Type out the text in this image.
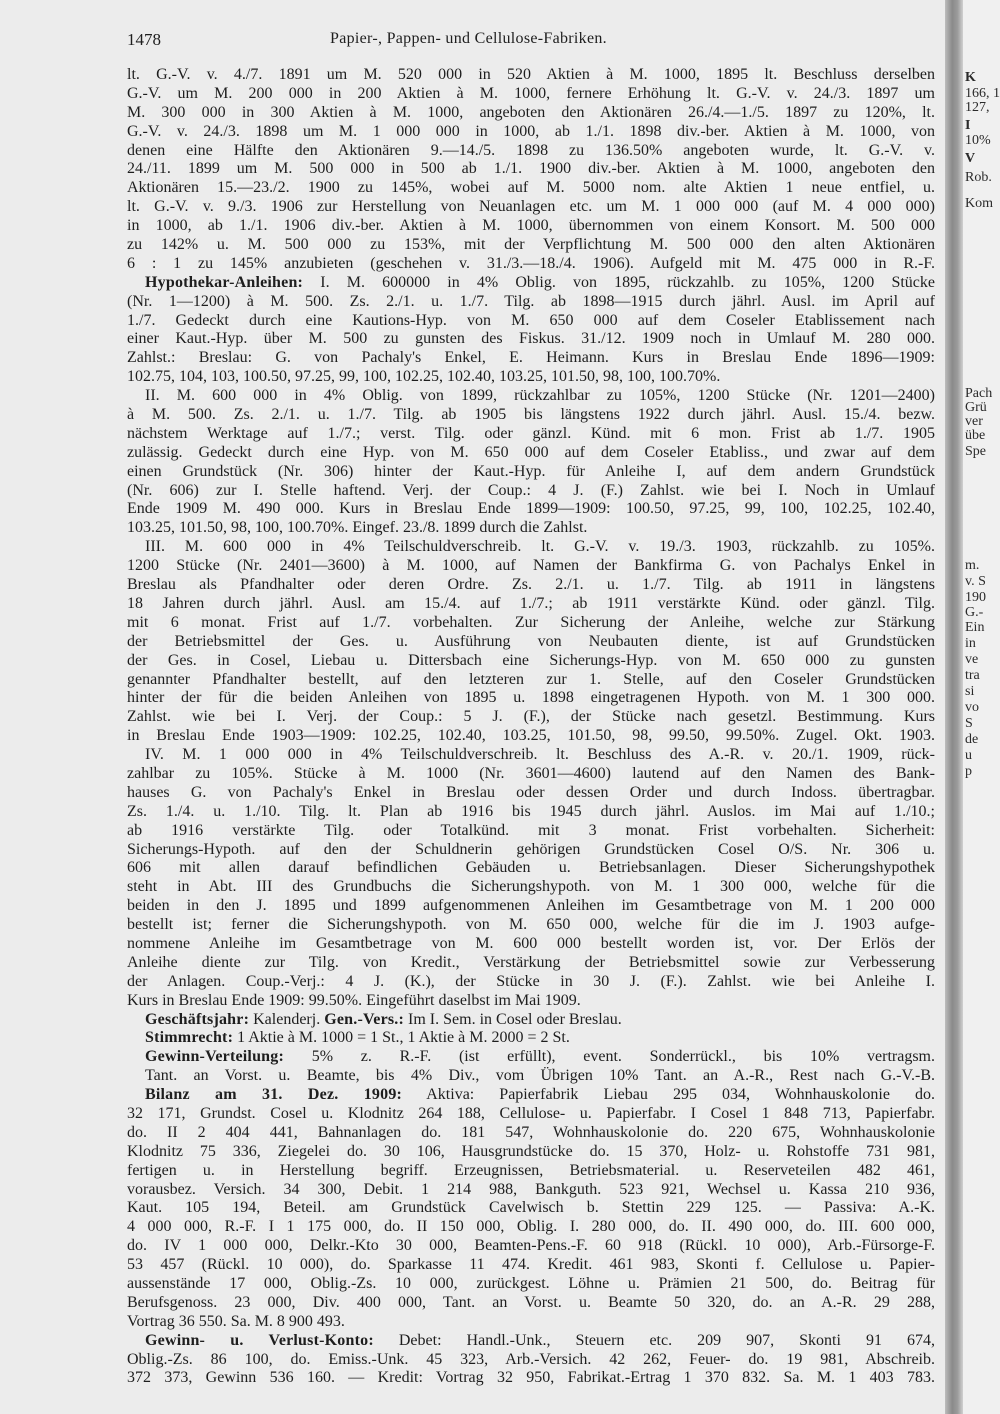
1478	Papier-, Pappen- und Cellulose-Fabriken.
lt. G.-V. v. 4./7. 1891 um M. 520 000 in 520 Aktien à M. 1000, 1895 lt. Beschluss derselben
G.-V. um M. 200 000 in 200 Aktien à M. 1000, fernere Erhöhung lt. G.-V. v. 24./3. 1897 um
M. 300 000 in 300 Aktien à M. 1000, angeboten den Aktionären 26./4.—1./5. 1897 zu 120%, lt.
G.-V. v. 24./3. 1898 um M. 1 000 000 in 1000, ab 1./1. 1898 div.-ber. Aktien à M. 1000, von
denen eine Hälfte den Aktionären 9.—14./5. 1898 zu 136.50% angeboten wurde, lt. G.-V. v.
24./11. 1899 um M. 500 000 in 500 ab 1./1. 1900 div.-ber. Aktien à M. 1000, angeboten den
Aktionären 15.—23./2. 1900 zu 145%, wobei auf M. 5000 nom. alte Aktien 1 neue entfiel, u.
lt. G.-V. v. 9./3. 1906 zur Herstellung von Neuanlagen etc. um M. 1 000 000 (auf M. 4 000 000)
in 1000, ab 1./1. 1906 div.-ber. Aktien à M. 1000, übernommen von einem Konsort. M. 500 000
zu 142% u. M. 500 000 zu 153%, mit der Verpflichtung M. 500 000 den alten Aktionären
6 : 1 zu 145% anzubieten (geschehen v. 31./3.—18./4. 1906). Aufgeld mit M. 475 000 in R.-F.
Hypothekar-Anleihen: I. M. 600000 in 4% Oblig. von 1895, rückzahlb. zu 105%, 1200 Stücke
(Nr. 1—1200) à M. 500. Zs. 2./1. u. 1./7. Tilg. ab 1898—1915 durch jährl. Ausl. im April auf
1./7. Gedeckt durch eine Kautions-Hyp. von M. 650 000 auf dem Coseler Etablissement nach
einer Kaut.-Hyp. über M. 500 zu gunsten des Fiskus. 31./12. 1909 noch in Umlauf M. 280 000.
Zahlst.: Breslau: G. von Pachaly's Enkel, E. Heimann. Kurs in Breslau Ende 1896—1909:
102.75, 104, 103, 100.50, 97.25, 99, 100, 102.25, 102.40, 103.25, 101.50, 98, 100, 100.70%.
II. M. 600 000 in 4% Oblig. von 1899, rückzahlbar zu 105%, 1200 Stücke (Nr. 1201—2400)
à M. 500. Zs. 2./1. u. 1./7. Tilg. ab 1905 bis längstens 1922 durch jährl. Ausl. 15./4. bezw.
nächstem Werktage auf 1./7.; verst. Tilg. oder gänzl. Künd. mit 6 mon. Frist ab 1./7. 1905
zulässig. Gedeckt durch eine Hyp. von M. 650 000 auf dem Coseler Etabliss., und zwar auf dem
einen Grundstück (Nr. 306) hinter der Kaut.-Hyp. für Anleihe I, auf dem andern Grundstück
(Nr. 606) zur I. Stelle haftend. Verj. der Coup.: 4 J. (F.) Zahlst. wie bei I. Noch in Umlauf
Ende 1909 M. 490 000. Kurs in Breslau Ende 1899—1909: 100.50, 97.25, 99, 100, 102.25, 102.40,
103.25, 101.50, 98, 100, 100.70%. Eingef. 23./8. 1899 durch die Zahlst.
III. M. 600 000 in 4% Teilschuldverschreib. lt. G.-V. v. 19./3. 1903, rückzahlb. zu 105%.
1200 Stücke (Nr. 2401—3600) à M. 1000, auf Namen der Bankfirma G. von Pachalys Enkel in
Breslau als Pfandhalter oder deren Ordre. Zs. 2./1. u. 1./7. Tilg. ab 1911 in längstens
18 Jahren durch jährl. Ausl. am 15./4. auf 1./7.; ab 1911 verstärkte Künd. oder gänzl. Tilg.
mit 6 monat. Frist auf 1./7. vorbehalten. Zur Sicherung der Anleihe, welche zur Stärkung
der Betriebsmittel der Ges. u. Ausführung von Neubauten diente, ist auf Grundstücken
der Ges. in Cosel, Liebau u. Dittersbach eine Sicherungs-Hyp. von M. 650 000 zu gunsten
genannter Pfandhalter bestellt, auf den letzteren zur 1. Stelle, auf den Coseler Grundstücken
hinter der für die beiden Anleihen von 1895 u. 1898 eingetragenen Hypoth. von M. 1 300 000.
Zahlst. wie bei I. Verj. der Coup.: 5 J. (F.), der Stücke nach gesetzl. Bestimmung. Kurs
in Breslau Ende 1903—1909: 102.25, 102.40, 103.25, 101.50, 98, 99.50, 99.50%. Zugel. Okt. 1903.
IV. M. 1 000 000 in 4% Teilschuldverschreib. lt. Beschluss des A.-R. v. 20./1. 1909, rück-
zahlbar zu 105%. Stücke à M. 1000 (Nr. 3601—4600) lautend auf den Namen des Bank-
hauses G. von Pachaly's Enkel in Breslau oder dessen Order und durch Indoss. übertragbar.
Zs. 1./4. u. 1./10. Tilg. lt. Plan ab 1916 bis 1945 durch jährl. Auslos. im Mai auf 1./10.;
ab 1916 verstärkte Tilg. oder Totalkünd. mit 3 monat. Frist vorbehalten. Sicherheit:
Sicherungs-Hypoth. auf den der Schuldnerin gehörigen Grundstücken Cosel O/S. Nr. 306 u.
606 mit allen darauf befindlichen Gebäuden u. Betriebsanlagen. Dieser Sicherungshypothek
steht in Abt. III des Grundbuchs die Sicherungshypoth. von M. 1 300 000, welche für die
beiden in den J. 1895 und 1899 aufgenommenen Anleihen im Gesamtbetrage von M. 1 200 000
bestellt ist; ferner die Sicherungshypoth. von M. 650 000, welche für die im J. 1903 aufge-
nommene Anleihe im Gesamtbetrage von M. 600 000 bestellt worden ist, vor. Der Erlös der
Anleihe diente zur Tilg. von Kredit., Verstärkung der Betriebsmittel sowie zur Verbesserung
der Anlagen. Coup.-Verj.: 4 J. (K.), der Stücke in 30 J. (F.). Zahlst. wie bei Anleihe I.
Kurs in Breslau Ende 1909: 99.50%. Eingeführt daselbst im Mai 1909.
Geschäftsjahr: Kalenderj. Gen.-Vers.: Im I. Sem. in Cosel oder Breslau.
Stimmrecht: 1 Aktie à M. 1000 = 1 St., 1 Aktie à M. 2000 = 2 St.
Gewinn-Verteilung: 5% z. R.-F. (ist erfüllt), event. Sonderrückl., bis 10% vertragsm.
Tant. an Vorst. u. Beamte, bis 4% Div., vom Übrigen 10% Tant. an A.-R., Rest nach G.-V.-B.
Bilanz am 31. Dez. 1909: Aktiva: Papierfabrik Liebau 295 034, Wohnhauskolonie do.
32 171, Grundst. Cosel u. Klodnitz 264 188, Cellulose- u. Papierfabr. I Cosel 1 848 713, Papierfabr.
do. II 2 404 441, Bahnanlagen do. 181 547, Wohnhauskolonie do. 220 675, Wohnhauskolonie
Klodnitz 75 336, Ziegelei do. 30 106, Hausgrundstücke do. 15 370, Holz- u. Rohstoffe 731 981,
fertigen u. in Herstellung begriff. Erzeugnissen, Betriebsmaterial. u. Reserveteilen 482 461,
vorausbez. Versich. 34 300, Debit. 1 214 988, Bankguth. 523 921, Wechsel u. Kassa 210 936,
Kaut. 105 194, Beteil. am Grundstück Cavelwisch b. Stettin 229 125. — Passiva: A.-K.
4 000 000, R.-F. I 1 175 000, do. II 150 000, Oblig. I. 280 000, do. II. 490 000, do. III. 600 000,
do. IV 1 000 000, Delkr.-Kto 30 000, Beamten-Pens.-F. 60 918 (Rückl. 10 000), Arb.-Fürsorge-F.
53 457 (Rückl. 10 000), do. Sparkasse 11 474. Kredit. 461 983, Skonti f. Cellulose u. Papier-
aussenstände 17 000, Oblig.-Zs. 10 000, zurückgest. Löhne u. Prämien 21 500, do. Beitrag für
Berufsgenoss. 23 000, Div. 400 000, Tant. an Vorst. u. Beamte 50 320, do. an A.-R. 29 288,
Vortrag 36 550. Sa. M. 8 900 493.
Gewinn- u. Verlust-Konto: Debet: Handl.-Unk., Steuern etc. 209 907, Skonti 91 674,
Oblig.-Zs. 86 100, do. Emiss.-Unk. 45 323, Arb.-Versich. 42 262, Feuer- do. 19 981, Abschreib.
372 373, Gewinn 536 160. — Kredit: Vortrag 32 950, Fabrikat.-Ertrag 1 370 832. Sa. M. 1 403 783.
K
166, 1
127,
I
10%
V
Rob.
Kom
Pach
Grü
ver
übe
Spe
m.
v. S
190
G.-
Ein
in
ve
tra
si
vo
S
de
u
p
